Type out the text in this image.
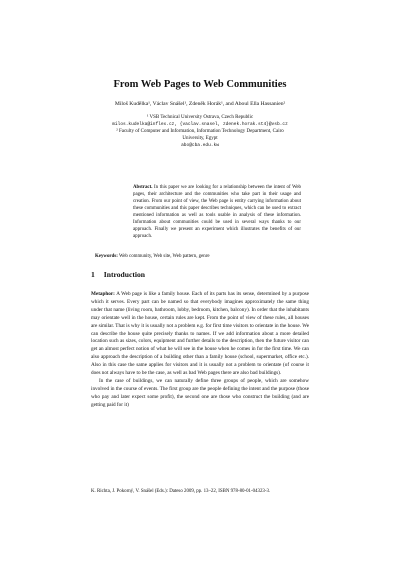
From Web Pages to Web Communities
Miloš Kudělka¹, Václav Snášel¹, Zdeněk Horák¹, and Aboul Ella Hassanien²
¹ VSB Technical University Ostrava, Czech Republic
milos.kudelka@inflex.cz, {vaclav.snasel, zdenek.horak.st4}@vsb.cz
² Faculty of Computer and Information, Information Technology Department, Cairo
University, Egypt
abo@cba.edu.kw
Abstract. In this paper we are looking for a relationship between the intent of Web pages, their architecture and the communities who take part in their usage and creation. From our point of view, the Web page is entity carrying information about these communities and this paper describes techniques, which can be used to extract mentioned information as well as tools usable in analysis of these information. Information about communities could be used in several ways thanks to our approach. Finally we present an experiment which illustrates the benefits of our approach.
Keywords: Web community, Web site, Web pattern, genre
1 Introduction

Metaphor: A Web page is like a family house. Each of its parts has its sense, determined by a purpose which it serves. Every part can be named so that everybody imagines approximately the same thing under that name (living room, bathroom, lobby, bedroom, kitchen, balcony). In order that the inhabitants may orientate well in the house, certain rules are kept. From the point of view of these rules, all houses are similar. That is why it is usually not a problem e.g. for first time visitors to orientate in the house. We can describe the house quite precisely thanks to names. If we add information about a more detailed location such as sizes, colors, equipment and further details to the description, then the future visitor can get an almost perfect notion of what he will see in the house when he comes in for the first time. We can also approach the description of a building other than a family house (school, supermarket, office etc.). Also in this case the same applies for visitors and it is usually not a problem to orientate (of course it does not always have to be the case, as well as bad Web pages there are also bad buildings).

In the case of buildings, we can naturally define three groups of people, which are somehow involved in the course of events. The first group are the people defining the intent and the purpose (those who pay and later expect some profit), the second one are those who construct the building (and are getting paid for it)

K. Richta, J. Pokorný, V. Snášel (Eds.): Dateso 2009, pp. 13–22, ISBN 978-80-01-04323-3.
